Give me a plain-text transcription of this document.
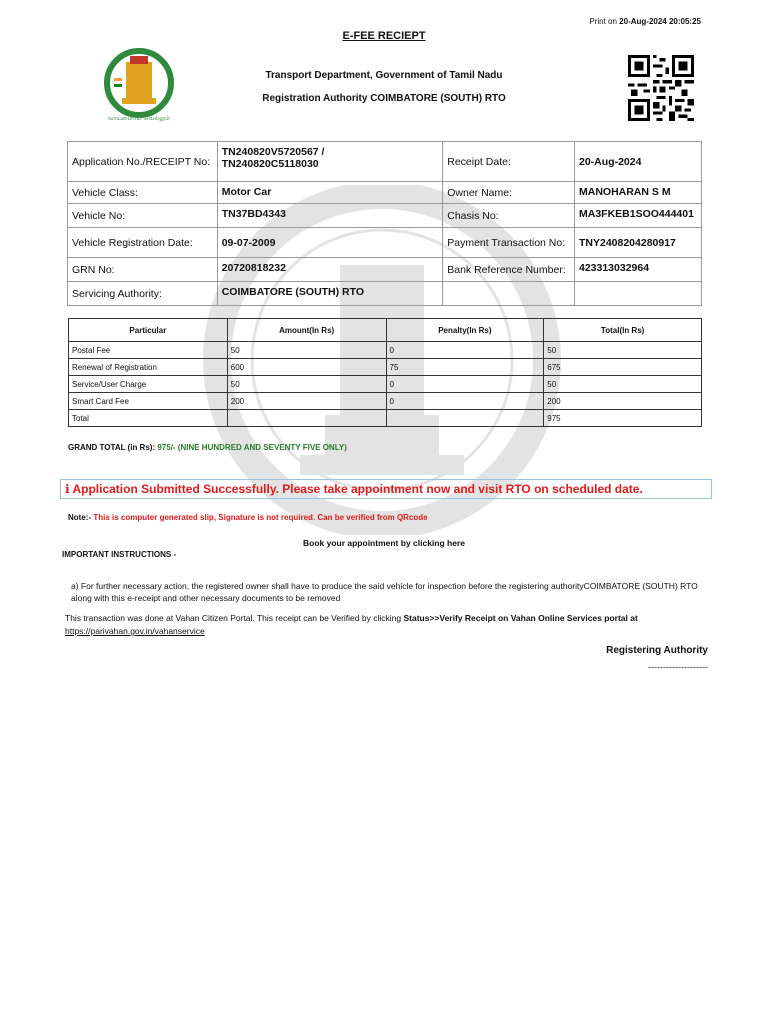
Print on 20-Aug-2024 20:05:25
E-FEE RECIEPT
வாய்மையே வெல்லும்
Transport Department, Government of Tamil Nadu
Registration Authority COIMBATORE (SOUTH) RTO
Application No./RECEIPT No:	TN240820V5720567 /
TN240820C5118030	Receipt Date:	20-Aug-2024
Vehicle Class:	Motor Car	Owner Name:	MANOHARAN S M
Vehicle No:	TN37BD4343	Chasis No:	MA3FKEB1SOO444401
Vehicle Registration Date:	09-07-2009	Payment Transaction No:	TNY2408204280917
GRN No:	20720818232	Bank Reference Number:	423313032964
Servicing Authority:	COIMBATORE (SOUTH) RTO		
Particular	Amount(In Rs)	Penalty(In Rs)	Total(In Rs)
Postal Fee	50	0	50
Renewal of Registration	600	75	675
Service/User Charge	50	0	50
Smart Card Fee	200	0	200
Total			975
GRAND TOTAL (in Rs): 975/- (NINE HUNDRED AND SEVENTY FIVE ONLY)
ℹ Application Submitted Successfully. Please take appointment now and visit RTO on scheduled date.
Note:- This is computer generated slip, Signature is not required. Can be verified from QRcode
Book your appointment by clicking here
IMPORTANT INSTRUCTIONS -
a) For further necessary action, the registered owner shall have to produce the said vehicle for inspection before the registering authorityCOIMBATORE (SOUTH) RTO along with this e-receipt and other necessary documents to be removed
This transaction was done at Vahan Citizen Portal. This receipt can be Verified by clicking Status>>Verify Receipt on Vahan Online Services portal at
https://parivahan.gov.in/vahanservice
Registering Authority
--------------------
